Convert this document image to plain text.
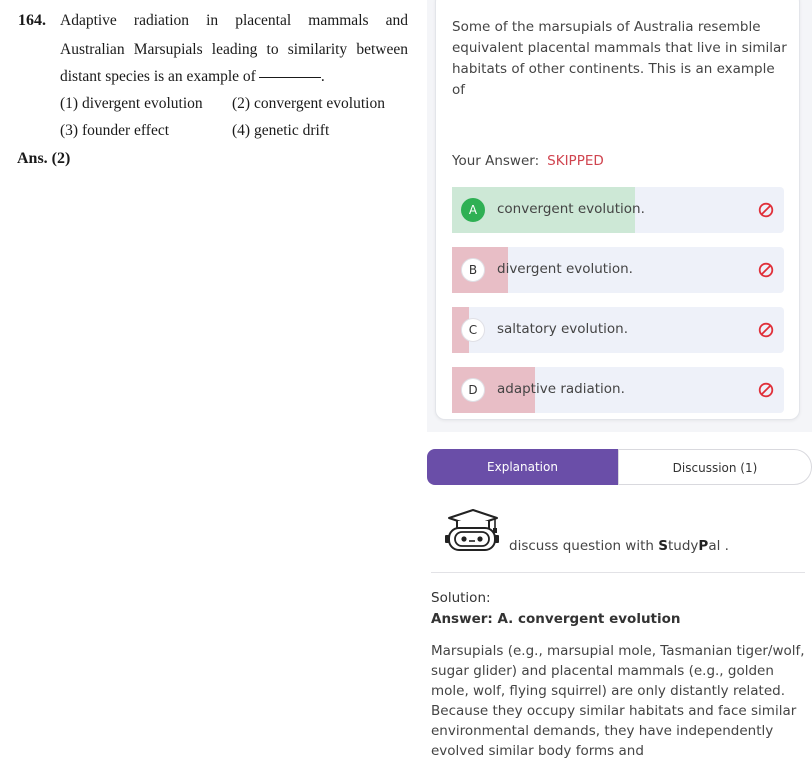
164. Adaptive radiation in placental mammals and
Australian Marsupials leading to similarity between
distant species is an example of	.
(1) divergent evolution (2) convergent evolution
(3) founder effect	(4) genetic drift
Ans. (2)
Some of the marsupials of Australia resemble equivalent placental mammals that live in similar habitats of other continents. This is an example of
Your Answer: SKIPPED
A	convergent evolution.
B	divergent evolution.
C	saltatory evolution.
D	adaptive radiation.
Explanation	Discussion (1)
discuss question with StudyPal .
Solution:
Answer: A. convergent evolution
Marsupials (e.g., marsupial mole, Tasmanian tiger/wolf, sugar glider) and placental mammals (e.g., golden mole, wolf, flying squirrel) are only distantly related. Because they occupy similar habitats and face similar environmental demands, they have independently evolved similar body forms and
